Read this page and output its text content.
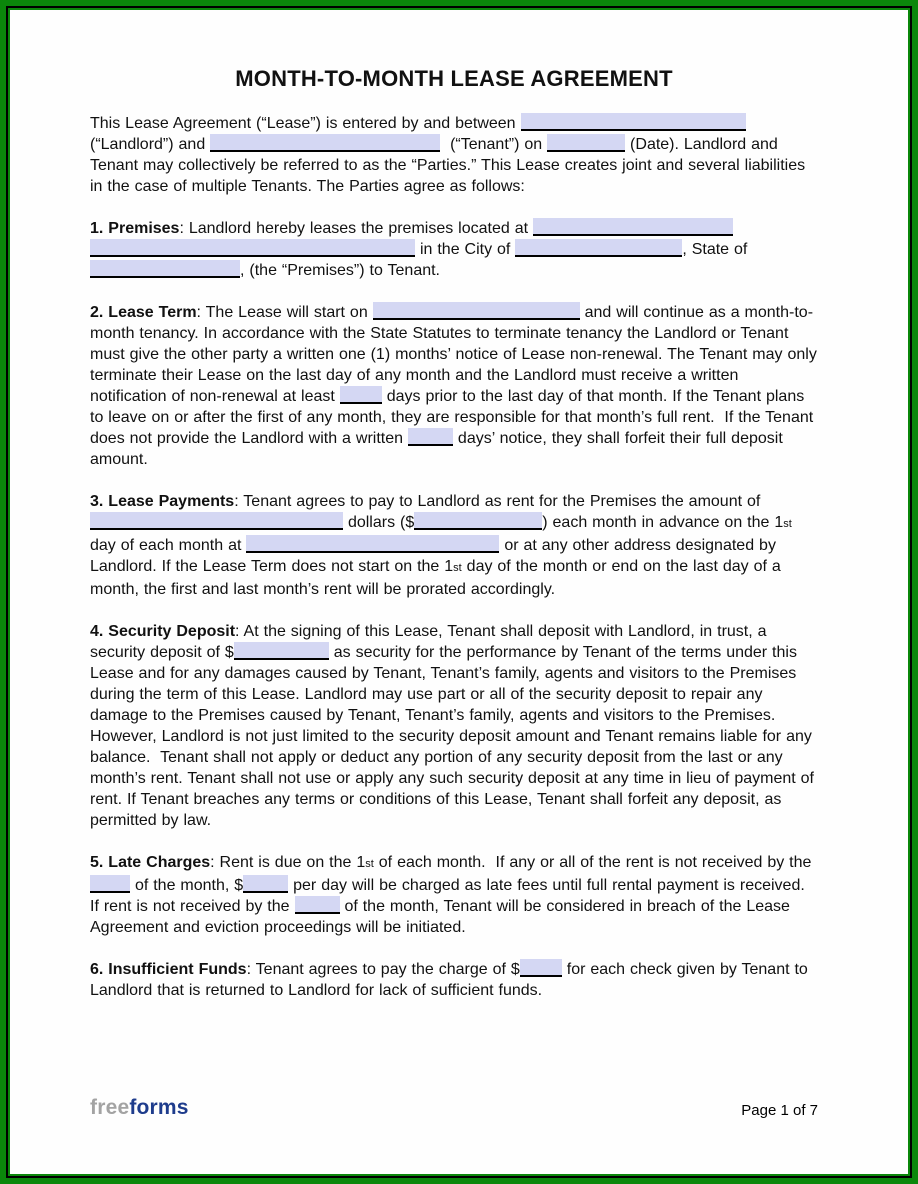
MONTH-TO-MONTH LEASE AGREEMENT

This Lease Agreement (“Lease”) is entered by and between	(“Landlord”) and	(“Tenant”) on	(Date). Landlord and Tenant may collectively be referred to as the “Parties.” This Lease creates joint and several liabilities in the case of multiple Tenants. The Parties agree as follows:

1. Premises: Landlord hereby leases the premises located at   in the City of	, State of , (the “Premises”) to Tenant.

2. Lease Term: The Lease will start on	and will continue as a month-to-month tenancy. In accordance with the State Statutes to terminate tenancy the Landlord or Tenant must give the other party a written one (1) months’ notice of Lease non-renewal. The Tenant may only terminate their Lease on the last day of any month and the Landlord must receive a written notification of non-renewal at least	days prior to the last day of that month. If the Tenant plans to leave on or after the first of any month, they are responsible for that month’s full rent.  If the Tenant does not provide the Landlord with a written	days’ notice, they shall forfeit their full deposit amount.

3. Lease Payments: Tenant agrees to pay to Landlord as rent for the Premises the amount of  dollars ($	) each month in advance on the 1st day of each month at	or at any other address designated by Landlord. If the Lease Term does not start on the 1st day of the month or end on the last day of a month, the first and last month’s rent will be prorated accordingly.

4. Security Deposit: At the signing of this Lease, Tenant shall deposit with Landlord, in trust, a security deposit of $	as security for the performance by Tenant of the terms under this Lease and for any damages caused by Tenant, Tenant’s family, agents and visitors to the Premises during the term of this Lease. Landlord may use part or all of the security deposit to repair any damage to the Premises caused by Tenant, Tenant’s family, agents and visitors to the Premises. However, Landlord is not just limited to the security deposit amount and Tenant remains liable for any balance.  Tenant shall not apply or deduct any portion of any security deposit from the last or any month’s rent. Tenant shall not use or apply any such security deposit at any time in lieu of payment of rent. If Tenant breaches any terms or conditions of this Lease, Tenant shall forfeit any deposit, as permitted by law.

5. Late Charges: Rent is due on the 1st of each month.  If any or all of the rent is not received by the  of the month, $	per day will be charged as late fees until full rental payment is received.  If rent is not received by the	of the month, Tenant will be considered in breach of the Lease Agreement and eviction proceedings will be initiated.

6. Insufficient Funds: Tenant agrees to pay the charge of $	for each check given by Tenant to Landlord that is returned to Landlord for lack of sufficient funds.

freeforms	Page 1 of 7
